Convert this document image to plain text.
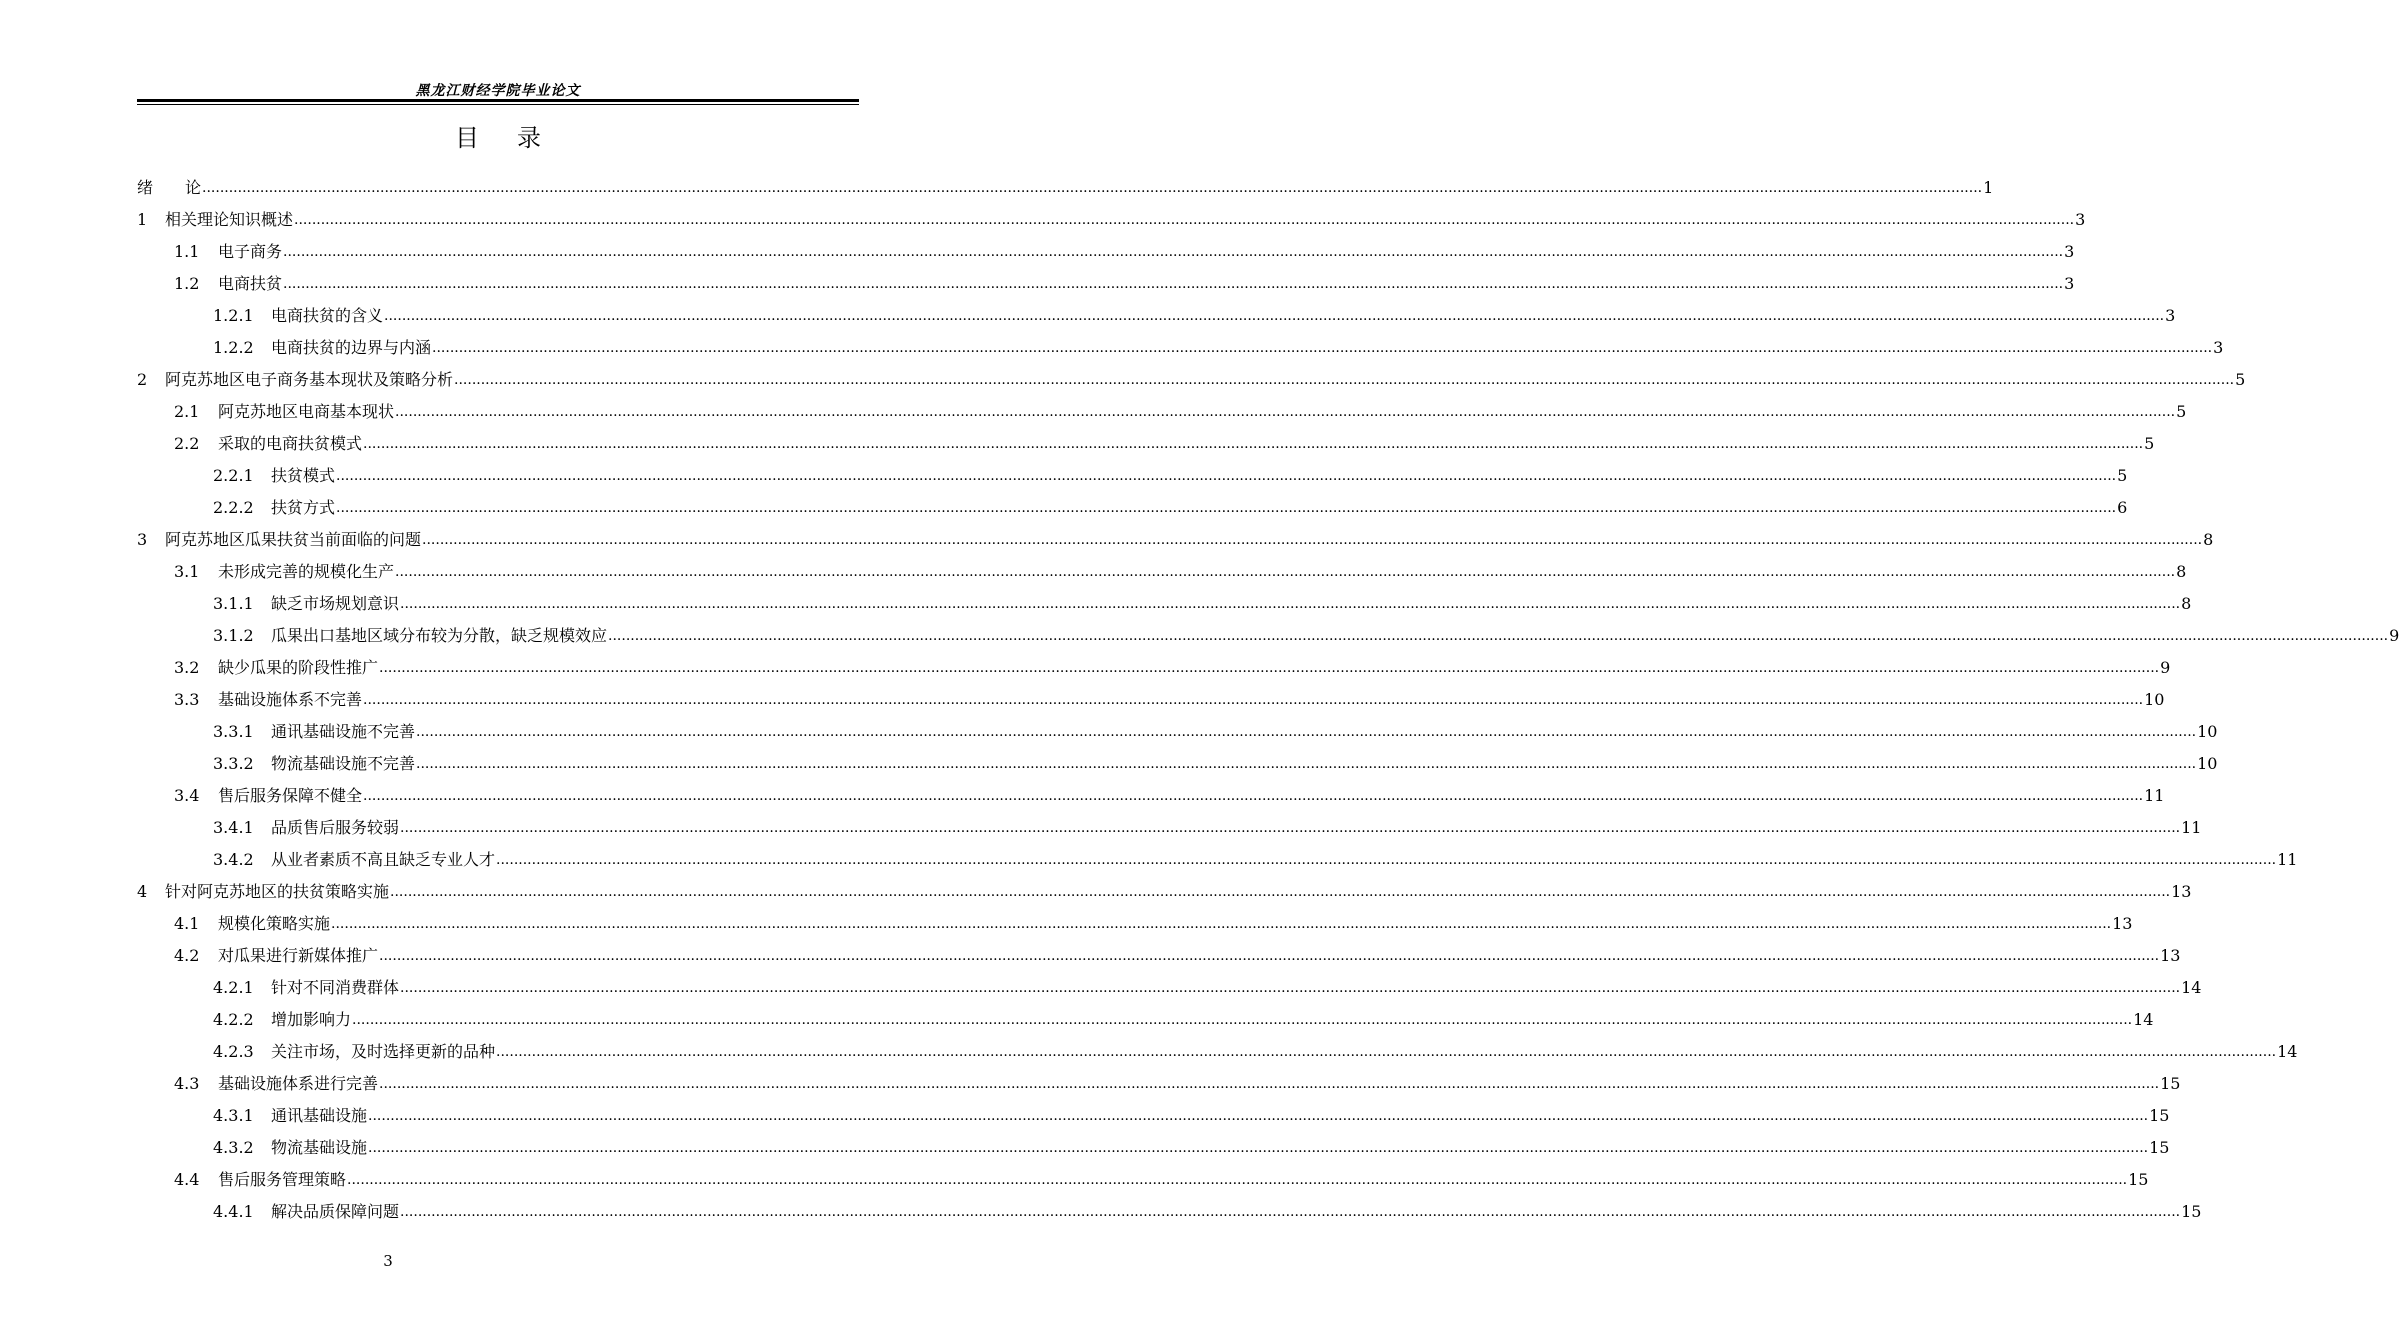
黑龙江财经学院毕业论文
目录
绪　　论 ................................................................................................................................................................................................................................................................................................................................................................................................................ 1
1	相关理论知识概述 ................................................................................................................................................................................................................................................................................................................................................................................................................ 3
1.1	电子商务 ................................................................................................................................................................................................................................................................................................................................................................................................................ 3
1.2	电商扶贫 ................................................................................................................................................................................................................................................................................................................................................................................................................ 3
1.2.1	电商扶贫的含义 ................................................................................................................................................................................................................................................................................................................................................................................................................ 3
1.2.2	电商扶贫的边界与内涵 ................................................................................................................................................................................................................................................................................................................................................................................................................ 3
2	阿克苏地区电子商务基本现状及策略分析 ................................................................................................................................................................................................................................................................................................................................................................................................................ 5
2.1	阿克苏地区电商基本现状 ................................................................................................................................................................................................................................................................................................................................................................................................................ 5
2.2	采取的电商扶贫模式 ................................................................................................................................................................................................................................................................................................................................................................................................................ 5
2.2.1	扶贫模式 ................................................................................................................................................................................................................................................................................................................................................................................................................ 5
2.2.2	扶贫方式 ................................................................................................................................................................................................................................................................................................................................................................................................................ 6
3	阿克苏地区瓜果扶贫当前面临的问题 ................................................................................................................................................................................................................................................................................................................................................................................................................ 8
3.1	未形成完善的规模化生产 ................................................................................................................................................................................................................................................................................................................................................................................................................ 8
3.1.1	缺乏市场规划意识 ................................................................................................................................................................................................................................................................................................................................................................................................................ 8
3.1.2	瓜果出口基地区域分布较为分散，缺乏规模效应 ................................................................................................................................................................................................................................................................................................................................................................................................................ 9
3.2	缺少瓜果的阶段性推广 ................................................................................................................................................................................................................................................................................................................................................................................................................ 9
3.3	基础设施体系不完善 ................................................................................................................................................................................................................................................................................................................................................................................................................ 10
3.3.1	通讯基础设施不完善 ................................................................................................................................................................................................................................................................................................................................................................................................................ 10
3.3.2	物流基础设施不完善 ................................................................................................................................................................................................................................................................................................................................................................................................................ 10
3.4	售后服务保障不健全 ................................................................................................................................................................................................................................................................................................................................................................................................................ 11
3.4.1	品质售后服务较弱 ................................................................................................................................................................................................................................................................................................................................................................................................................ 11
3.4.2	从业者素质不高且缺乏专业人才 ................................................................................................................................................................................................................................................................................................................................................................................................................ 11
4	针对阿克苏地区的扶贫策略实施 ................................................................................................................................................................................................................................................................................................................................................................................................................ 13
4.1	规模化策略实施 ................................................................................................................................................................................................................................................................................................................................................................................................................ 13
4.2	对瓜果进行新媒体推广 ................................................................................................................................................................................................................................................................................................................................................................................................................ 13
4.2.1	针对不同消费群体 ................................................................................................................................................................................................................................................................................................................................................................................................................ 14
4.2.2	增加影响力 ................................................................................................................................................................................................................................................................................................................................................................................................................ 14
4.2.3	关注市场，及时选择更新的品种 ................................................................................................................................................................................................................................................................................................................................................................................................................ 14
4.3	基础设施体系进行完善 ................................................................................................................................................................................................................................................................................................................................................................................................................ 15
4.3.1	通讯基础设施 ................................................................................................................................................................................................................................................................................................................................................................................................................ 15
4.3.2	物流基础设施 ................................................................................................................................................................................................................................................................................................................................................................................................................ 15
4.4	售后服务管理策略 ................................................................................................................................................................................................................................................................................................................................................................................................................ 15
4.4.1	解决品质保障问题 ................................................................................................................................................................................................................................................................................................................................................................................................................ 15
3
